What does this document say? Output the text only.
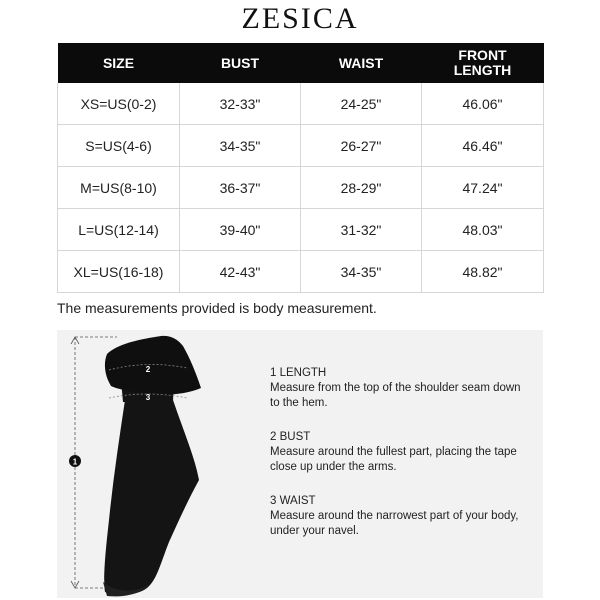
ZESICA
SIZE	BUST	WAIST	FRONT
LENGTH
XS=US(0-2)	32-33"	24-25"	46.06"
S=US(4-6)	34-35"	26-27"	46.46"
M=US(8-10)	36-37"	28-29"	47.24"
L=US(12-14)	39-40"	31-32"	48.03"
XL=US(16-18)	42-43"	34-35"	48.82"
The measurements provided is body measurement.
1
2
3
1 LENGTH
Measure from the top of the shoulder seam down to the hem.
2 BUST
Measure around the fullest part, placing the tape close up under the arms.
3 WAIST
Measure around the narrowest part of your body, under your navel.
